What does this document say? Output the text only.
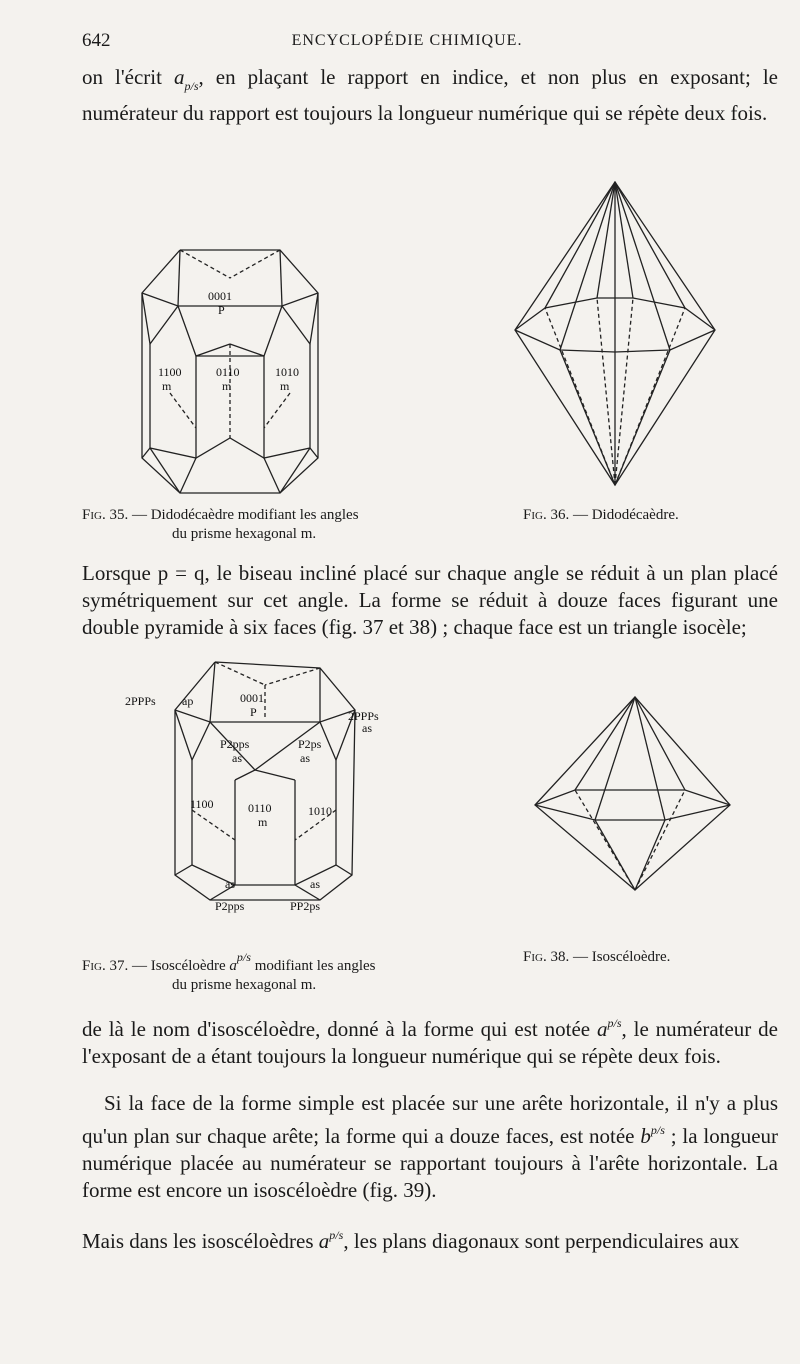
642	ENCYCLOPÉDIE CHIMIQUE.

on l'écrit $a_{p/s}$, en plaçant le rapport en indice, et non plus en exposant; le numérateur du rapport est toujours la longueur numérique qui se répète deux fois.

0001
P
1100
m
0110
m
1010
m
Fig. 35. — Didodécaèdre modifiant les angles
du prisme hexagonal m.
Fig. 36. — Didodécaèdre.

Lorsque p = q, le biseau incliné placé sur chaque angle se réduit à un plan placé symétriquement sur cet angle. La forme se réduit à douze faces figurant une double pyramide à six faces (fig. 37 et 38) ; chaque face est un triangle isocèle;

2PPPs ap	0001
P	2PPPs
as
P2pps	P2ps
as	as
1100	0110
m
1010
as	as
P2pps	PP2ps
Fig. 37. — Isoscéloèdre $a^{p/s}$ modifiant les angles
du prisme hexagonal m.
Fig. 38. — Isoscéloèdre.

de là le nom d'isoscéloèdre, donné à la forme qui est notée $a^{p/s}$, le numérateur de l'exposant de a étant toujours la longueur numérique qui se répète deux fois.

Si la face de la forme simple est placée sur une arête horizontale, il n'y a plus qu'un plan sur chaque arête; la forme qui a douze faces, est notée $b^{p/s}$ ; la longueur numérique placée au numérateur se rapportant toujours à l'arête horizontale. La forme est encore un isoscéloèdre (fig. 39).

Mais dans les isoscéloèdres $a^{p/s}$, les plans diagonaux sont perpendiculaires aux
